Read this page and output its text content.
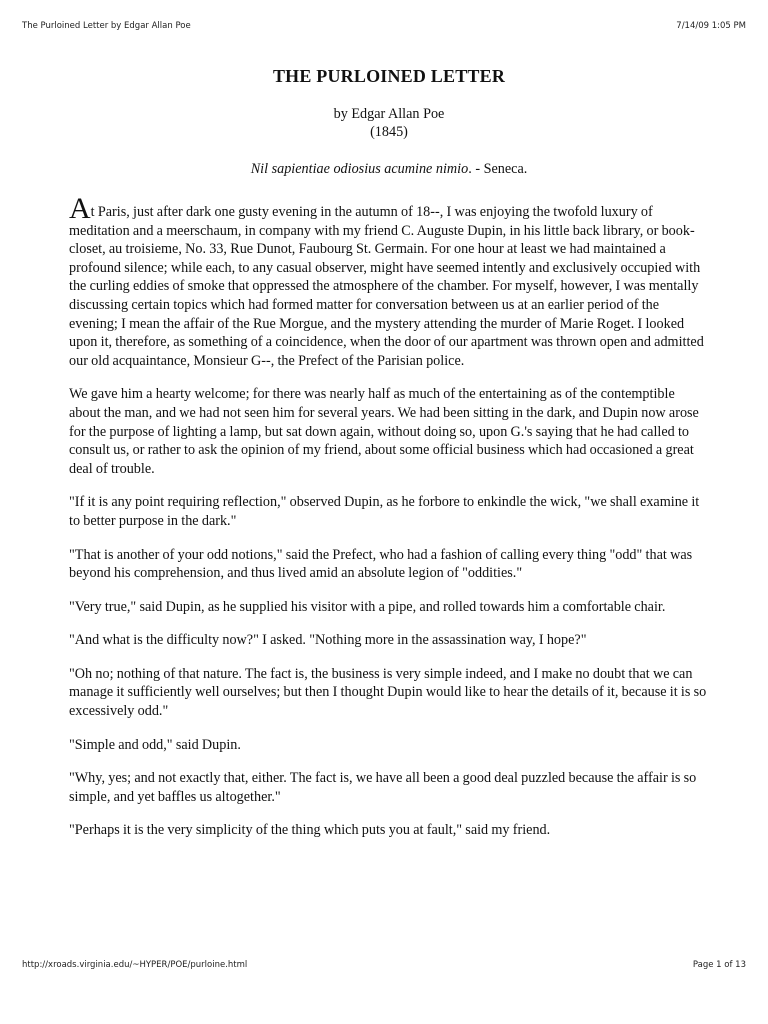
The Purloined Letter by Edgar Allan Poe	7/14/09 1:05 PM
THE PURLOINED LETTER
by Edgar Allan Poe
(1845)
Nil sapientiae odiosius acumine nimio. - Seneca.

At Paris, just after dark one gusty evening in the autumn of 18--, I was enjoying the twofold luxury of meditation and a meerschaum, in company with my friend C. Auguste Dupin, in his little back library, or book-closet, au troisieme, No. 33, Rue Dunot, Faubourg St. Germain. For one hour at least we had maintained a profound silence; while each, to any casual observer, might have seemed intently and exclusively occupied with the curling eddies of smoke that oppressed the atmosphere of the chamber. For myself, however, I was mentally discussing certain topics which had formed matter for conversation between us at an earlier period of the evening; I mean the affair of the Rue Morgue, and the mystery attending the murder of Marie Roget. I looked upon it, therefore, as something of a coincidence, when the door of our apartment was thrown open and admitted our old acquaintance, Monsieur G--, the Prefect of the Parisian police.

We gave him a hearty welcome; for there was nearly half as much of the entertaining as of the contemptible about the man, and we had not seen him for several years. We had been sitting in the dark, and Dupin now arose for the purpose of lighting a lamp, but sat down again, without doing so, upon G.'s saying that he had called to consult us, or rather to ask the opinion of my friend, about some official business which had occasioned a great deal of trouble.

"If it is any point requiring reflection," observed Dupin, as he forbore to enkindle the wick, "we shall examine it to better purpose in the dark."

"That is another of your odd notions," said the Prefect, who had a fashion of calling every thing "odd" that was beyond his comprehension, and thus lived amid an absolute legion of "oddities."

"Very true," said Dupin, as he supplied his visitor with a pipe, and rolled towards him a comfortable chair.

"And what is the difficulty now?" I asked. "Nothing more in the assassination way, I hope?"

"Oh no; nothing of that nature. The fact is, the business is very simple indeed, and I make no doubt that we can manage it sufficiently well ourselves; but then I thought Dupin would like to hear the details of it, because it is so excessively odd."

"Simple and odd," said Dupin.

"Why, yes; and not exactly that, either. The fact is, we have all been a good deal puzzled because the affair is so simple, and yet baffles us altogether."

"Perhaps it is the very simplicity of the thing which puts you at fault," said my friend.

http://xroads.virginia.edu/~HYPER/POE/purloine.html	Page 1 of 13
